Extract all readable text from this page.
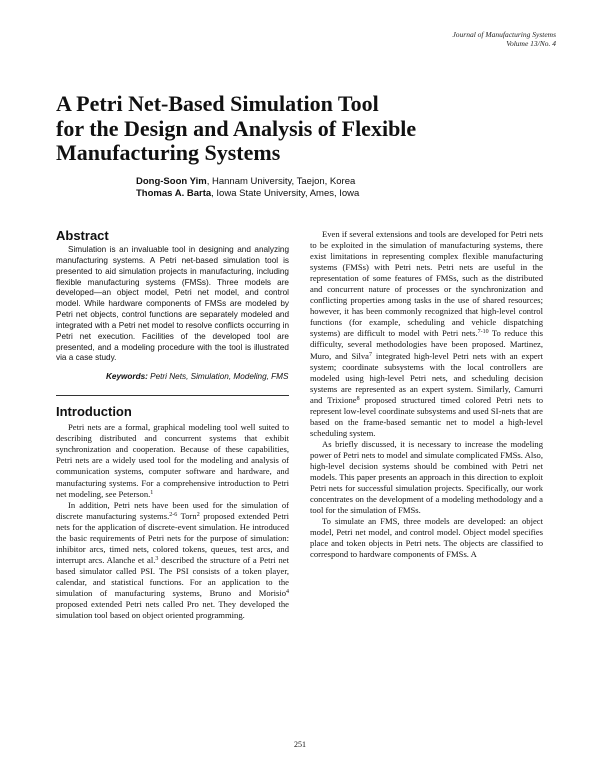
Journal of Manufacturing Systems
Volume 13/No. 4
A Petri Net-Based Simulation Tool
for the Design and Analysis of Flexible
Manufacturing Systems
Dong-Soon Yim, Hannam University, Taejon, Korea
Thomas A. Barta, Iowa State University, Ames, Iowa
Abstract

Simulation is an invaluable tool in designing and analyzing manufacturing systems. A Petri net-based simulation tool is presented to aid simulation projects in manufacturing, including flexible manufacturing systems (FMSs). Three models are developed—an object model, Petri net model, and control model. While hardware components of FMSs are modeled by Petri net objects, control functions are separately modeled and integrated with a Petri net model to resolve conflicts occurring in Petri net execution. Facilities of the developed tool are presented, and a modeling procedure with the tool is illustrated via a case study.

Keywords: Petri Nets, Simulation, Modeling, FMS
Introduction

Petri nets are a formal, graphical modeling tool well suited to describing distributed and concurrent systems that exhibit synchronization and cooperation. Because of these capabilities, Petri nets are a widely used tool for the modeling and analysis of communication systems, computer software and hardware, and manufacturing systems. For a comprehensive introduction to Petri net modeling, see Peterson.$^1$

In addition, Petri nets have been used for the simulation of discrete manufacturing systems.$^{2-6}$ Torn$^2$ proposed extended Petri nets for the application of discrete-event simulation. He introduced the basic requirements of Petri nets for the purpose of simulation: inhibitor arcs, timed nets, colored tokens, queues, test arcs, and interrupt arcs. Alanche et al.$^3$ described the structure of a Petri net based simulator called PSI. The PSI consists of a token player, calendar, and statistical functions. For an application to the simulation of manufacturing systems, Bruno and Morisio$^4$ proposed extended Petri nets called Pro net. They developed the simulation tool based on object oriented programming.

Even if several extensions and tools are developed for Petri nets to be exploited in the simulation of manufacturing systems, there exist limitations in representing complex flexible manufacturing systems (FMSs) with Petri nets. Petri nets are useful in the representation of some features of FMSs, such as the distributed and concurrent nature of processes or the synchronization and conflicting properties among tasks in the use of shared resources; however, it has been commonly recognized that high-level control functions (for example, scheduling and vehicle dispatching systems) are difficult to model with Petri nets.$^{7-10}$ To reduce this difficulty, several methodologies have been proposed. Martinez, Muro, and Silva$^7$ integrated high-level Petri nets with an expert system; coordinate subsystems with the local controllers are modeled using high-level Petri nets, and scheduling decision systems are represented as an expert system. Similarly, Camurri and Trixione$^8$ proposed structured timed colored Petri nets to represent low-level coordinate subsystems and used SI-nets that are based on the frame-based semantic net to model a high-level scheduling system.

As briefly discussed, it is necessary to increase the modeling power of Petri nets to model and simulate complicated FMSs. Also, high-level decision systems should be combined with Petri net models. This paper presents an approach in this direction to exploit Petri nets for successful simulation projects. Specifically, our work concentrates on the development of a modeling methodology and a tool for the simulation of FMSs.

To simulate an FMS, three models are developed: an object model, Petri net model, and control model. Object model specifies place and token objects in Petri nets. The objects are classified to correspond to hardware components of FMSs. A

251
